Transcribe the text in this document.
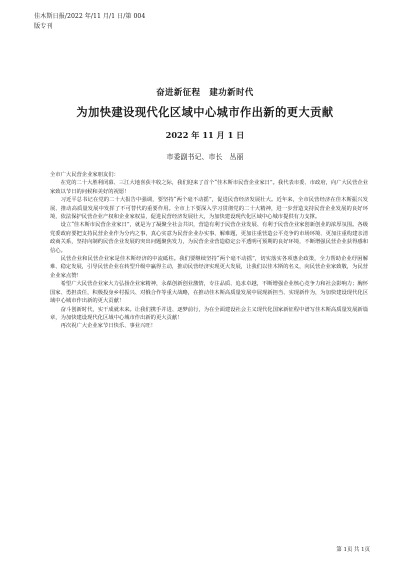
佳木斯日报/2022 年/11 月/1 日/第 004
版专刊
奋进新征程　建功新时代
为加快建设现代化区域中心城市作出新的更大贡献
2022 年 11 月 1 日
市委副书记、市长　丛丽

全市广大民营企业家朋友们：

在党的二十大胜利闭幕、三江大地喜获丰收之际，我们迎来了首个“佳木斯市民营企业家日”。我代表市委、市政府，向广大民营企业家致以节日的问候和美好的祝愿！

习近平总书记在党的二十大报告中强调，要坚持“两个毫不动摇”，促进民营经济发展壮大。近年来，全市民营经济在佳木斯振兴发展、推动高质量发展中发挥了不可替代的重要作用。全市上下要深入学习贯彻党的二十大精神，进一步营造支持民营企业发展的良好环境，依法保护民营企业产权和企业家权益，促进民营经济发展壮大，为加快建设现代化区域中心城市提供有力支撑。

设立“佳木斯市民营企业家日”，就是为了凝聚全社会共识，营造有利于民营企业发展、有利于民营企业家创新创业的浓厚氛围。各级党委政府要把支持民营企业作为分内之事，真心实意为民营企业办实事、解难题，更加注重营造公平竞争的市场环境、更加注重构建亲清政商关系，坚持向制约民营企业发展的突出问题聚焦发力，为民营企业营造稳定公平透明可预期的良好环境，不断增强民营企业获得感和信心。

民营企业和民营企业家是佳木斯经济的中流砥柱。我们要继续坚持“两个毫不动摇”，切实落实各项惠企政策，全力帮助企业纾困解难、稳定发展，引导民营企业在转型升级中赢得主动，推动民营经济实现更大发展，让我们以佳木斯的名义，向民营企业家致敬，为民营企业家点赞！

希望广大民营企业家大力弘扬企业家精神，永葆创新创业激情，专注品质、追求卓越，不断增强企业核心竞争力和社会影响力；胸怀国家、勇担责任，积极投身乡村振兴、对俄合作等重大战略，在推动佳木斯高质量发展中展现新担当、实现新作为，为加快建设现代化区域中心城市作出新的更大贡献！

奋斗创新时代，实干成就未来。让我们携手并进、逐梦前行，为在全面建设社会主义现代化国家新征程中谱写佳木斯高质量发展新篇章，为加快建设现代化区域中心城市作出新的更大贡献！

再次祝广大企业家节日快乐、事业兴旺！

第 1页 共 1页
